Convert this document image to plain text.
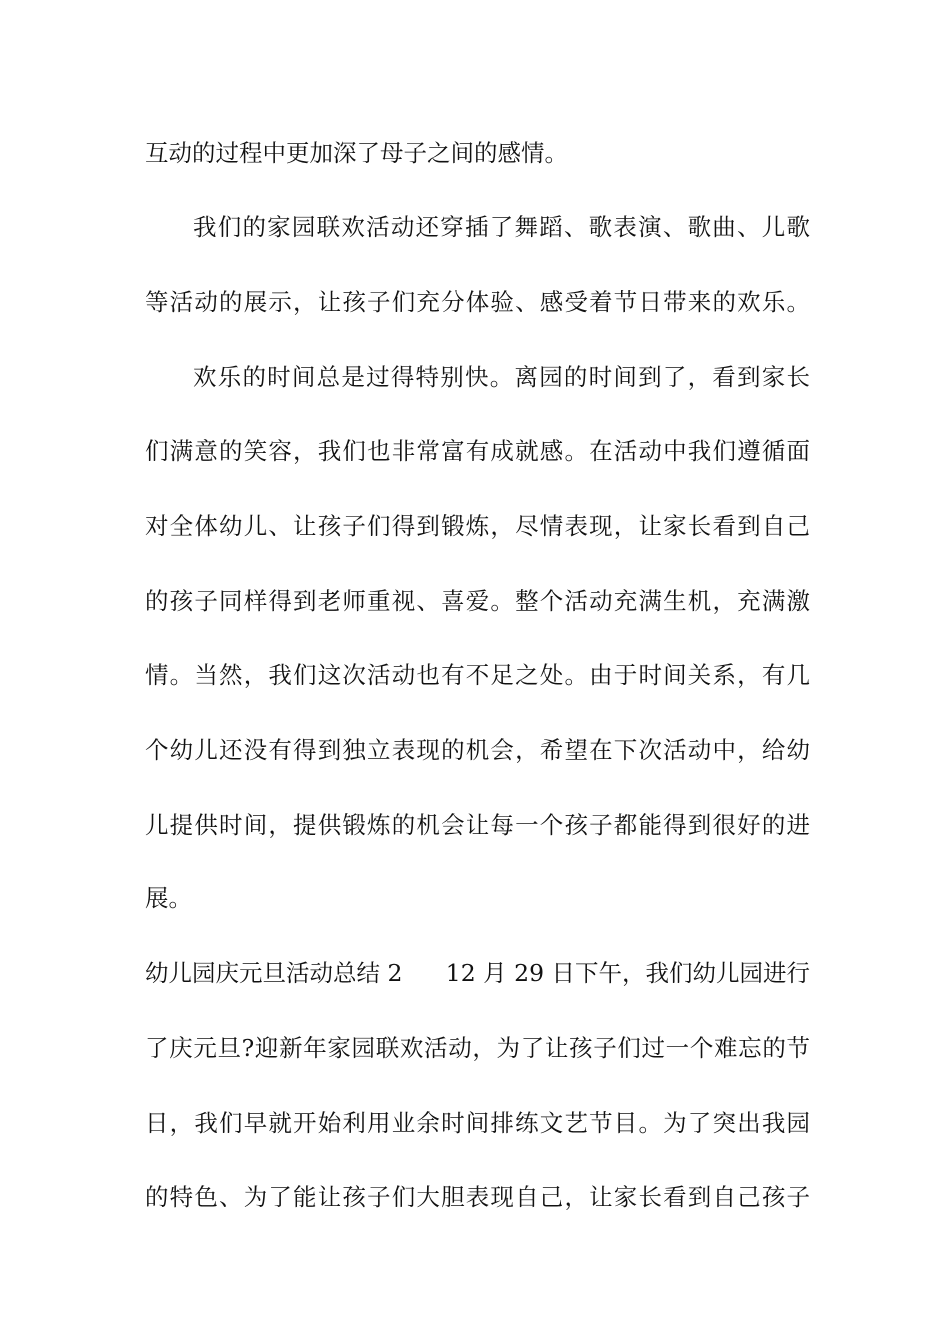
互动的过程中更加深了母子之间的感情。
我们的家园联欢活动还穿插了舞蹈、歌表演、歌曲、儿歌
等活动的展示，让孩子们充分体验、感受着节日带来的欢乐。
欢乐的时间总是过得特别快。离园的时间到了，看到家长
们满意的笑容，我们也非常富有成就感。在活动中我们遵循面
对全体幼儿、让孩子们得到锻炼，尽情表现，让家长看到自己
的孩子同样得到老师重视、喜爱。整个活动充满生机，充满激
情。当然，我们这次活动也有不足之处。由于时间关系，有几
个幼儿还没有得到独立表现的机会，希望在下次活动中，给幼
儿提供时间，提供锻炼的机会让每一个孩子都能得到很好的进
展。
幼儿园庆元旦活动总结 2 12 月 29 日下午，我们幼儿园进行
了庆元旦?迎新年家园联欢活动，为了让孩子们过一个难忘的节
日，我们早就开始利用业余时间排练文艺节目。为了突出我园
的特色、为了能让孩子们大胆表现自己，让家长看到自己孩子
